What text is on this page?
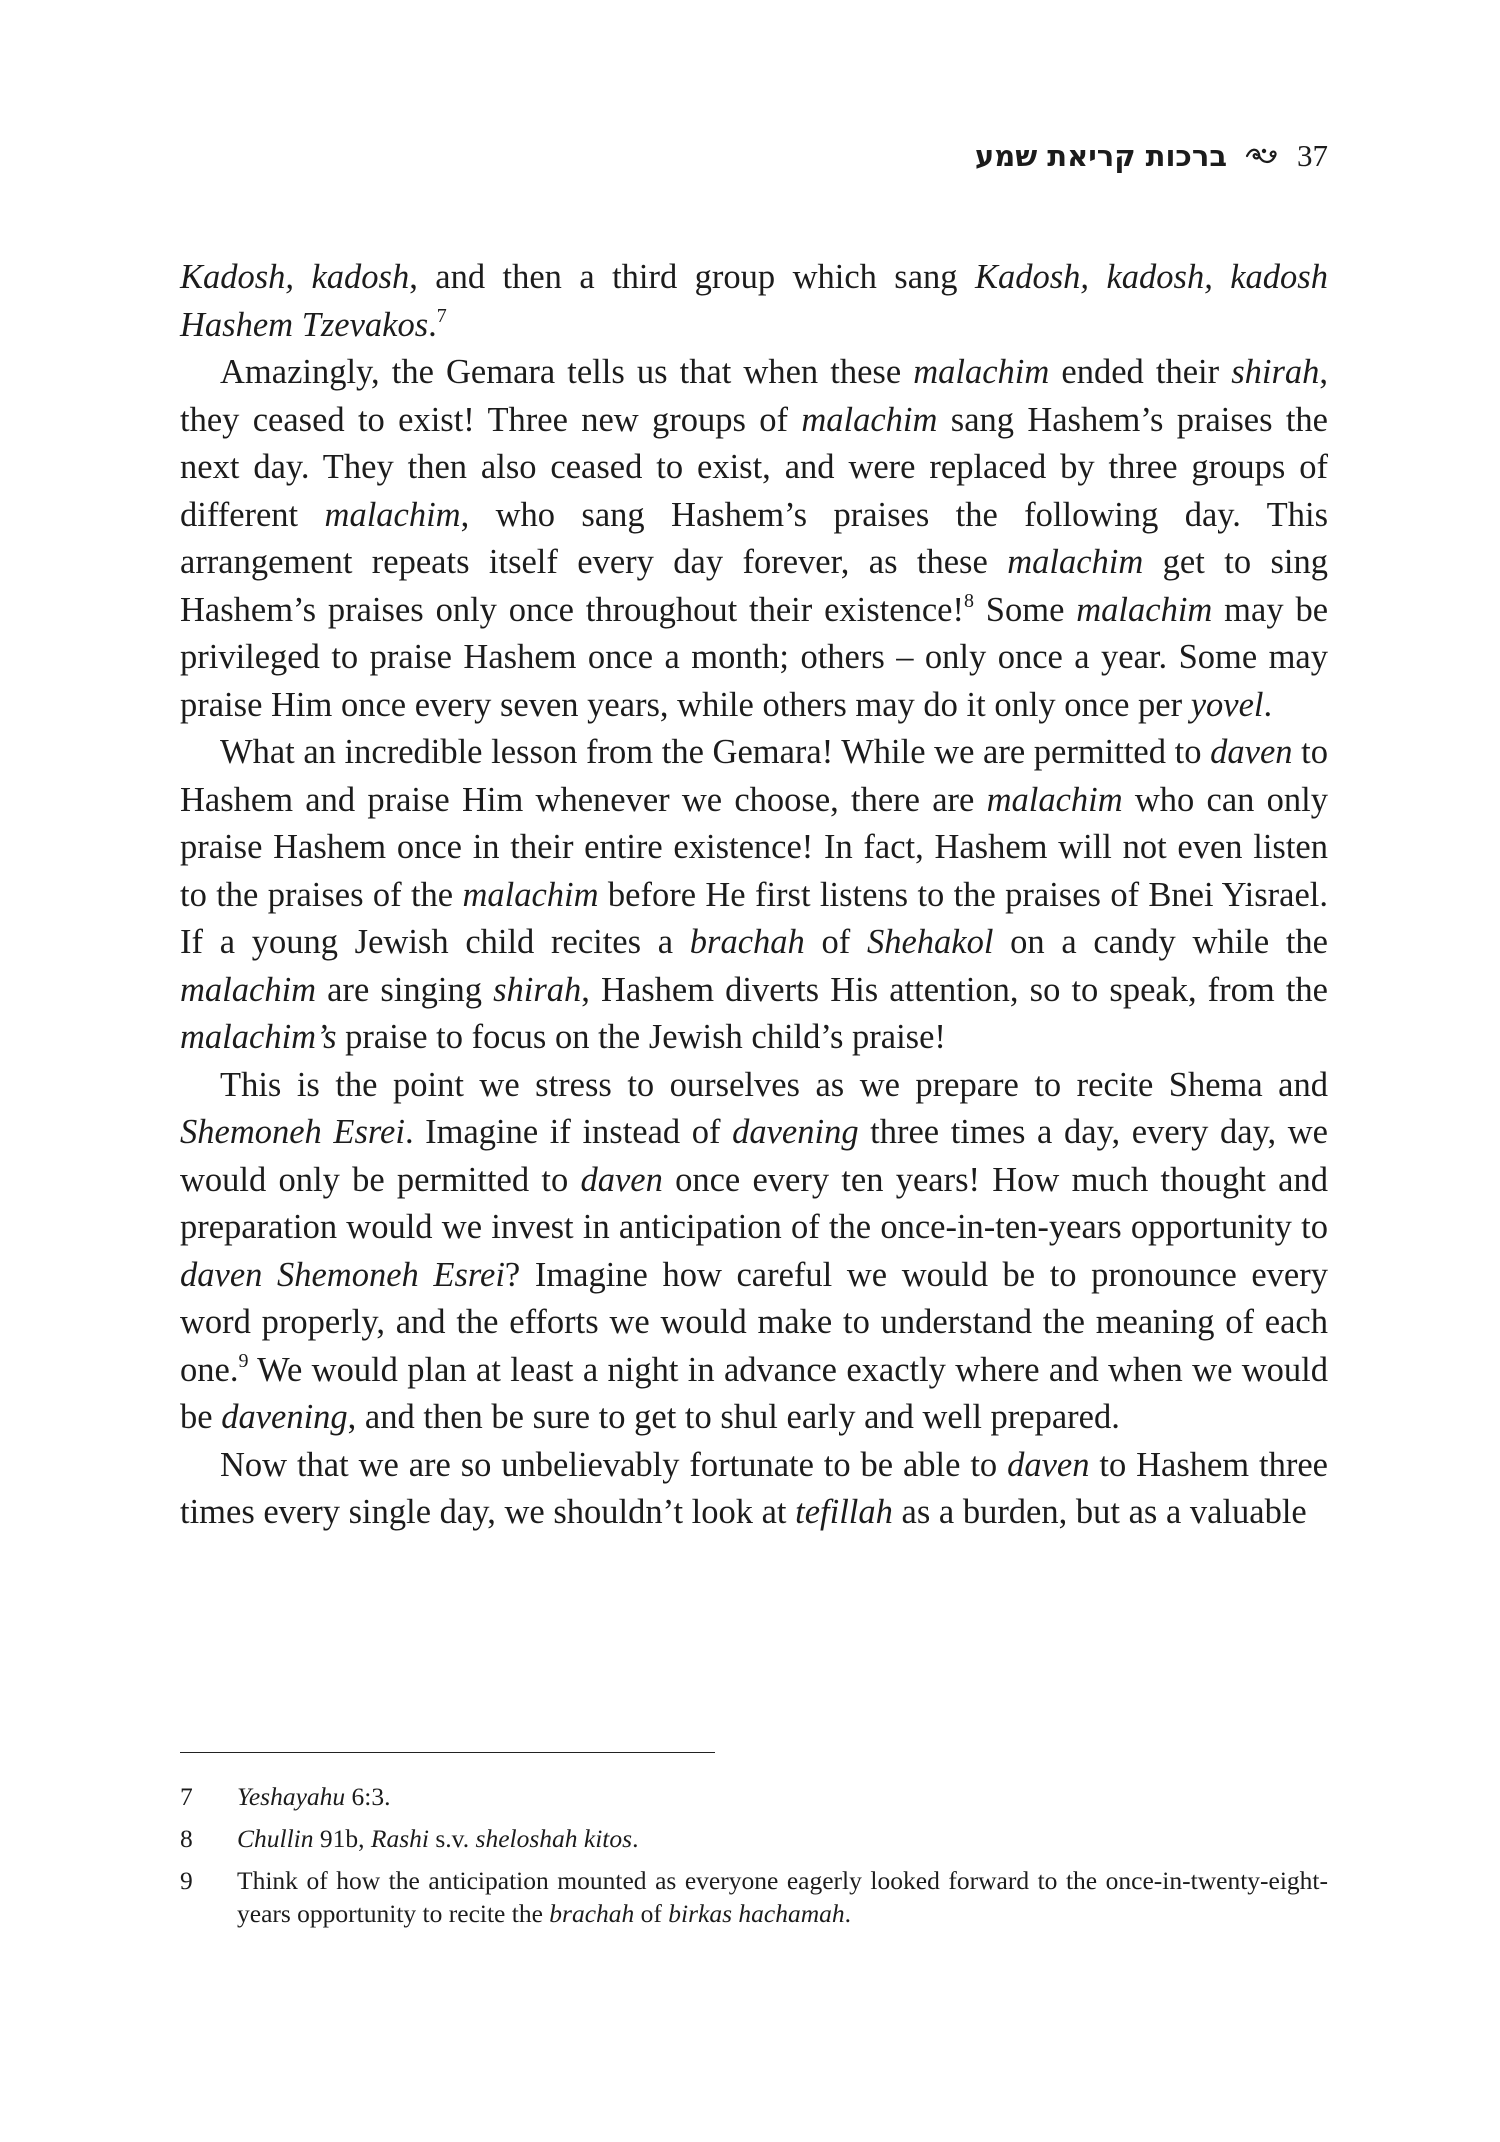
ברכות קריאת שמע 37

Kadosh, kadosh, and then a third group which sang Kadosh, kadosh, kadosh Hashem Tzevakos.$^7$

Amazingly, the Gemara tells us that when these malachim ended their shirah, they ceased to exist! Three new groups of malachim sang Hashem’s praises the next day. They then also ceased to exist, and were replaced by three groups of different malachim, who sang Hashem’s praises the following day. This arrangement repeats itself every day forever, as these malachim get to sing Hashem’s praises only once throughout their existence!$^8$ Some malachim may be privileged to praise Hashem once a month; others – only once a year. Some may praise Him once every seven years, while others may do it only once per yovel.

What an incredible lesson from the Gemara! While we are permitted to daven to Hashem and praise Him whenever we choose, there are malachim who can only praise Hashem once in their entire existence! In fact, Hashem will not even listen to the praises of the malachim before He first listens to the praises of Bnei Yisrael. If a young Jewish child recites a brachah of Shehakol on a candy while the malachim are singing shirah, Hashem diverts His attention, so to speak, from the malachim’s praise to focus on the Jewish child’s praise!

This is the point we stress to ourselves as we prepare to recite Shema and Shemoneh Esrei. Imagine if instead of davening three times a day, every day, we would only be permitted to daven once every ten years! How much thought and preparation would we invest in anticipation of the once-in-ten-years opportunity to daven Shemoneh Esrei? Imagine how careful we would be to pronounce every word properly, and the efforts we would make to understand the meaning of each one.$^9$ We would plan at least a night in advance exactly where and when we would be davening, and then be sure to get to shul early and well prepared.

Now that we are so unbelievably fortunate to be able to daven to Hashem three times every single day, we shouldn’t look at tefillah as a burden, but as a valuable

7	Yeshayahu 6:3.
8	Chullin 91b, Rashi s.v. sheloshah kitos.
9	Think of how the anticipation mounted as everyone eagerly looked forward to the once-in-twenty-eight-years opportunity to recite the brachah of birkas hachamah.
